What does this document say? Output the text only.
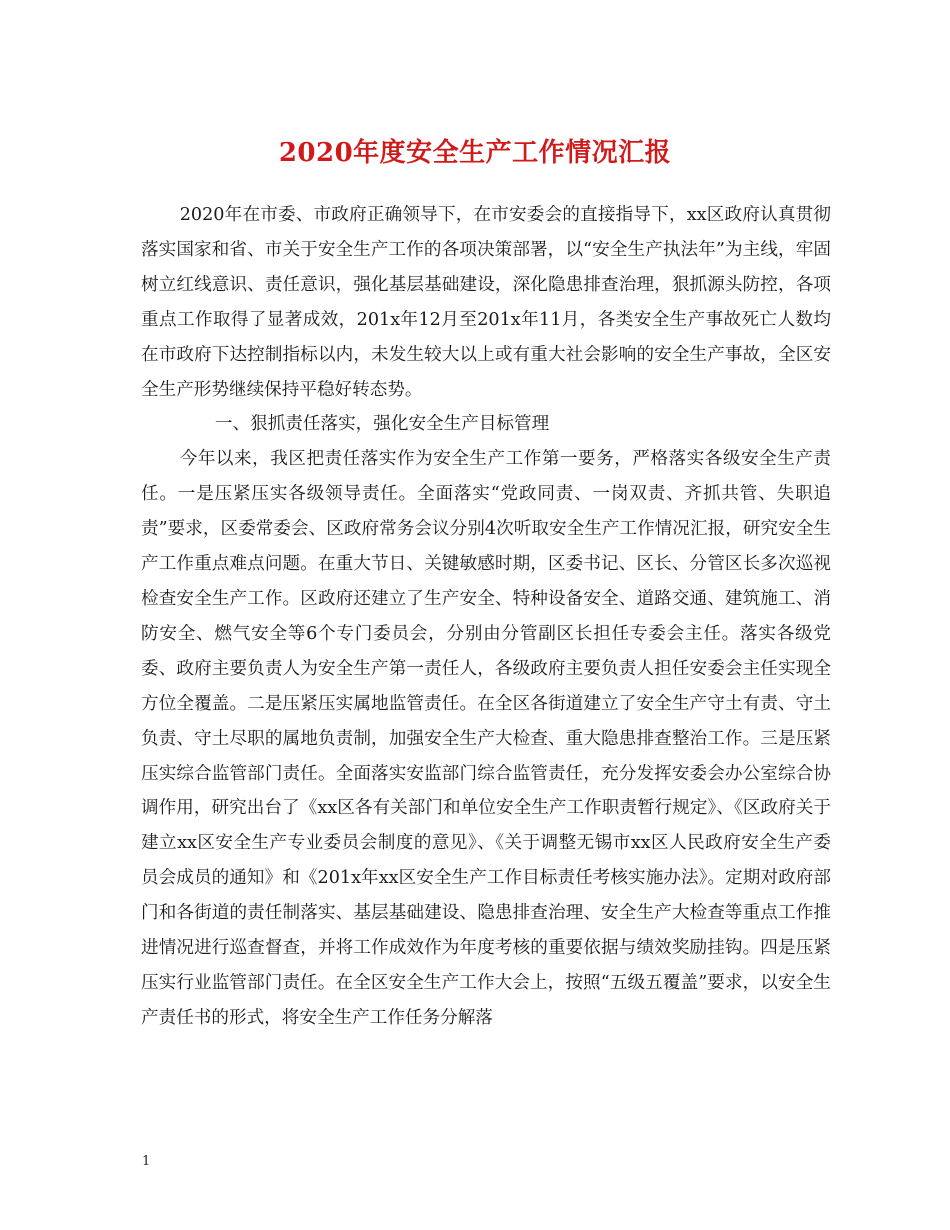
2020年度安全生产工作情况汇报

2020年在市委、市政府正确领导下，在市安委会的直接指导下，xx区政府认真贯彻落实国家和省、市关于安全生产工作的各项决策部署，以“安全生产执法年”为主线，牢固树立红线意识、责任意识，强化基层基础建设，深化隐患排查治理，狠抓源头防控，各项重点工作取得了显著成效，201x年12月至201x年11月，各类安全生产事故死亡人数均在市政府下达控制指标以内，未发生较大以上或有重大社会影响的安全生产事故，全区安全生产形势继续保持平稳好转态势。

一、狠抓责任落实，强化安全生产目标管理

今年以来，我区把责任落实作为安全生产工作第一要务，严格落实各级安全生产责任。一是压紧压实各级领导责任。全面落实“党政同责、一岗双责、齐抓共管、失职追责”要求，区委常委会、区政府常务会议分别4次听取安全生产工作情况汇报，研究安全生产工作重点难点问题。在重大节日、关键敏感时期，区委书记、区长、分管区长多次巡视检查安全生产工作。区政府还建立了生产安全、特种设备安全、道路交通、建筑施工、消防安全、燃气安全等6个专门委员会，分别由分管副区长担任专委会主任。落实各级党委、政府主要负责人为安全生产第一责任人，各级政府主要负责人担任安委会主任实现全方位全覆盖。二是压紧压实属地监管责任。在全区各街道建立了安全生产守土有责、守土负责、守土尽职的属地负责制，加强安全生产大检查、重大隐患排查整治工作。三是压紧压实综合监管部门责任。全面落实安监部门综合监管责任，充分发挥安委会办公室综合协调作用，研究出台了《xx区各有关部门和单位安全生产工作职责暂行规定》、《区政府关于建立xx区安全生产专业委员会制度的意见》、《关于调整无锡市xx区人民政府安全生产委员会成员的通知》和《201x年xx区安全生产工作目标责任考核实施办法》。定期对政府部门和各街道的责任制落实、基层基础建设、隐患排查治理、安全生产大检查等重点工作推进情况进行巡查督查，并将工作成效作为年度考核的重要依据与绩效奖励挂钩。四是压紧压实行业监管部门责任。在全区安全生产工作大会上，按照“五级五覆盖”要求，以安全生产责任书的形式，将安全生产工作任务分解落

1
